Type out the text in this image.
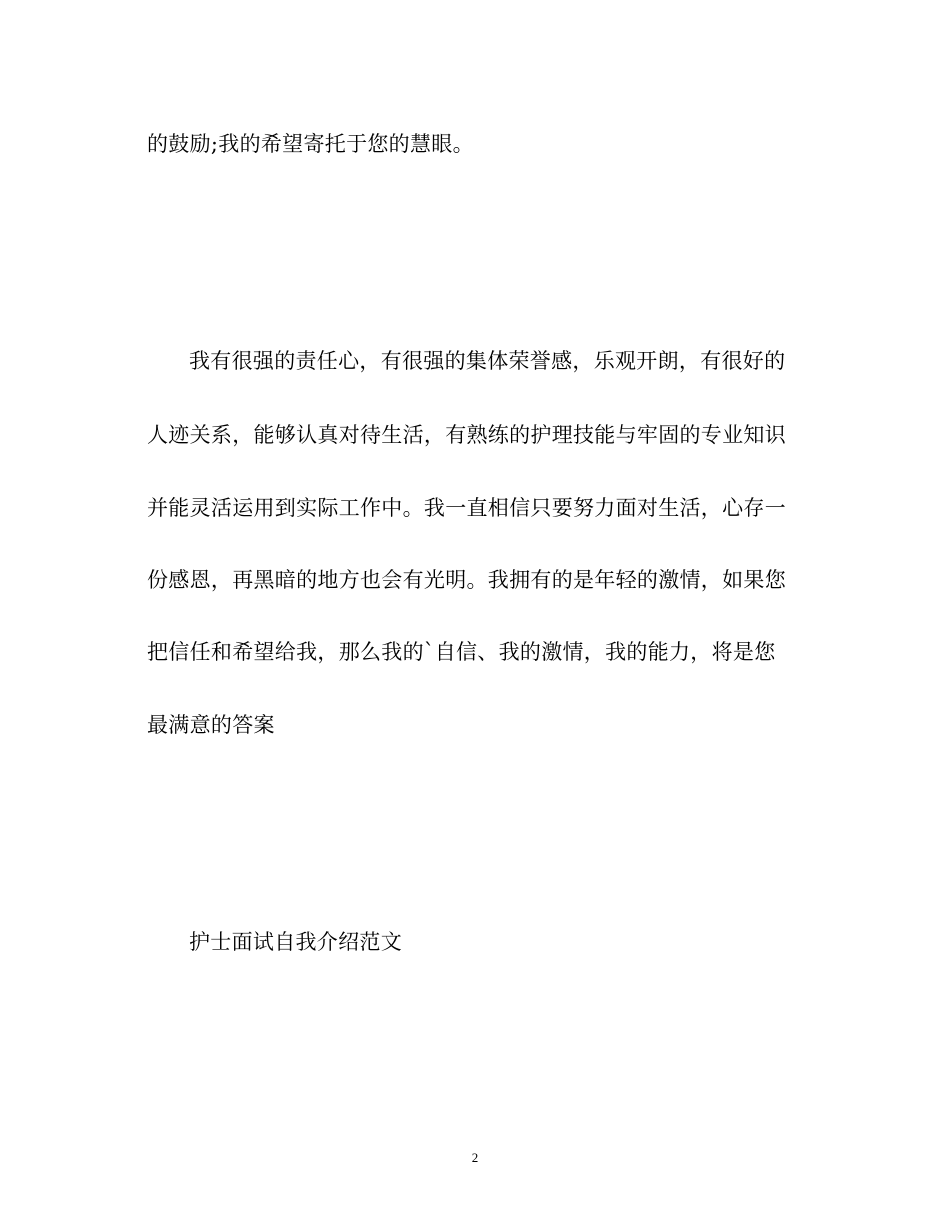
的鼓励;我的希望寄托于您的慧眼。
我有很强的责任心，有很强的集体荣誉感，乐观开朗，有很好的
人迹关系，能够认真对待生活，有熟练的护理技能与牢固的专业知识
并能灵活运用到实际工作中。我一直相信只要努力面对生活，心存一
份感恩，再黑暗的地方也会有光明。我拥有的是年轻的激情，如果您
把信任和希望给我，那么我的`自信、我的激情，我的能力，将是您
最满意的答案
护士面试自我介绍范文
2
